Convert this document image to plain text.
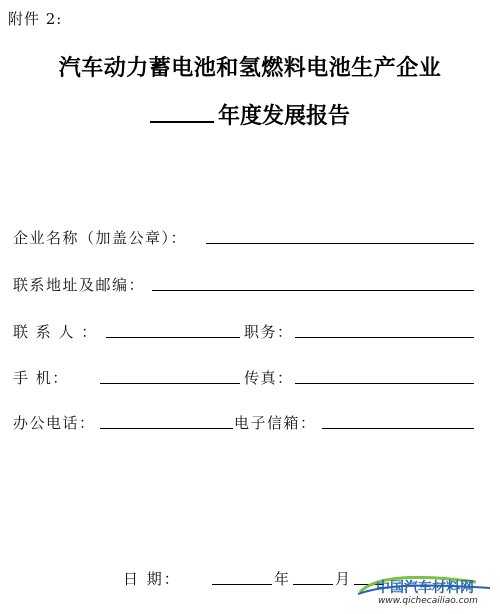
附件 2:
汽车动力蓄电池和氢燃料电池生产企业
年度发展报告
企业名称（加盖公章）：
联系地址及邮编：
联 系 人 ：	职务：
手 机：	传真：
办公电话：	电子信箱：
日 期：	年	月 中国汽车材料网
www.qichecailiao.com
